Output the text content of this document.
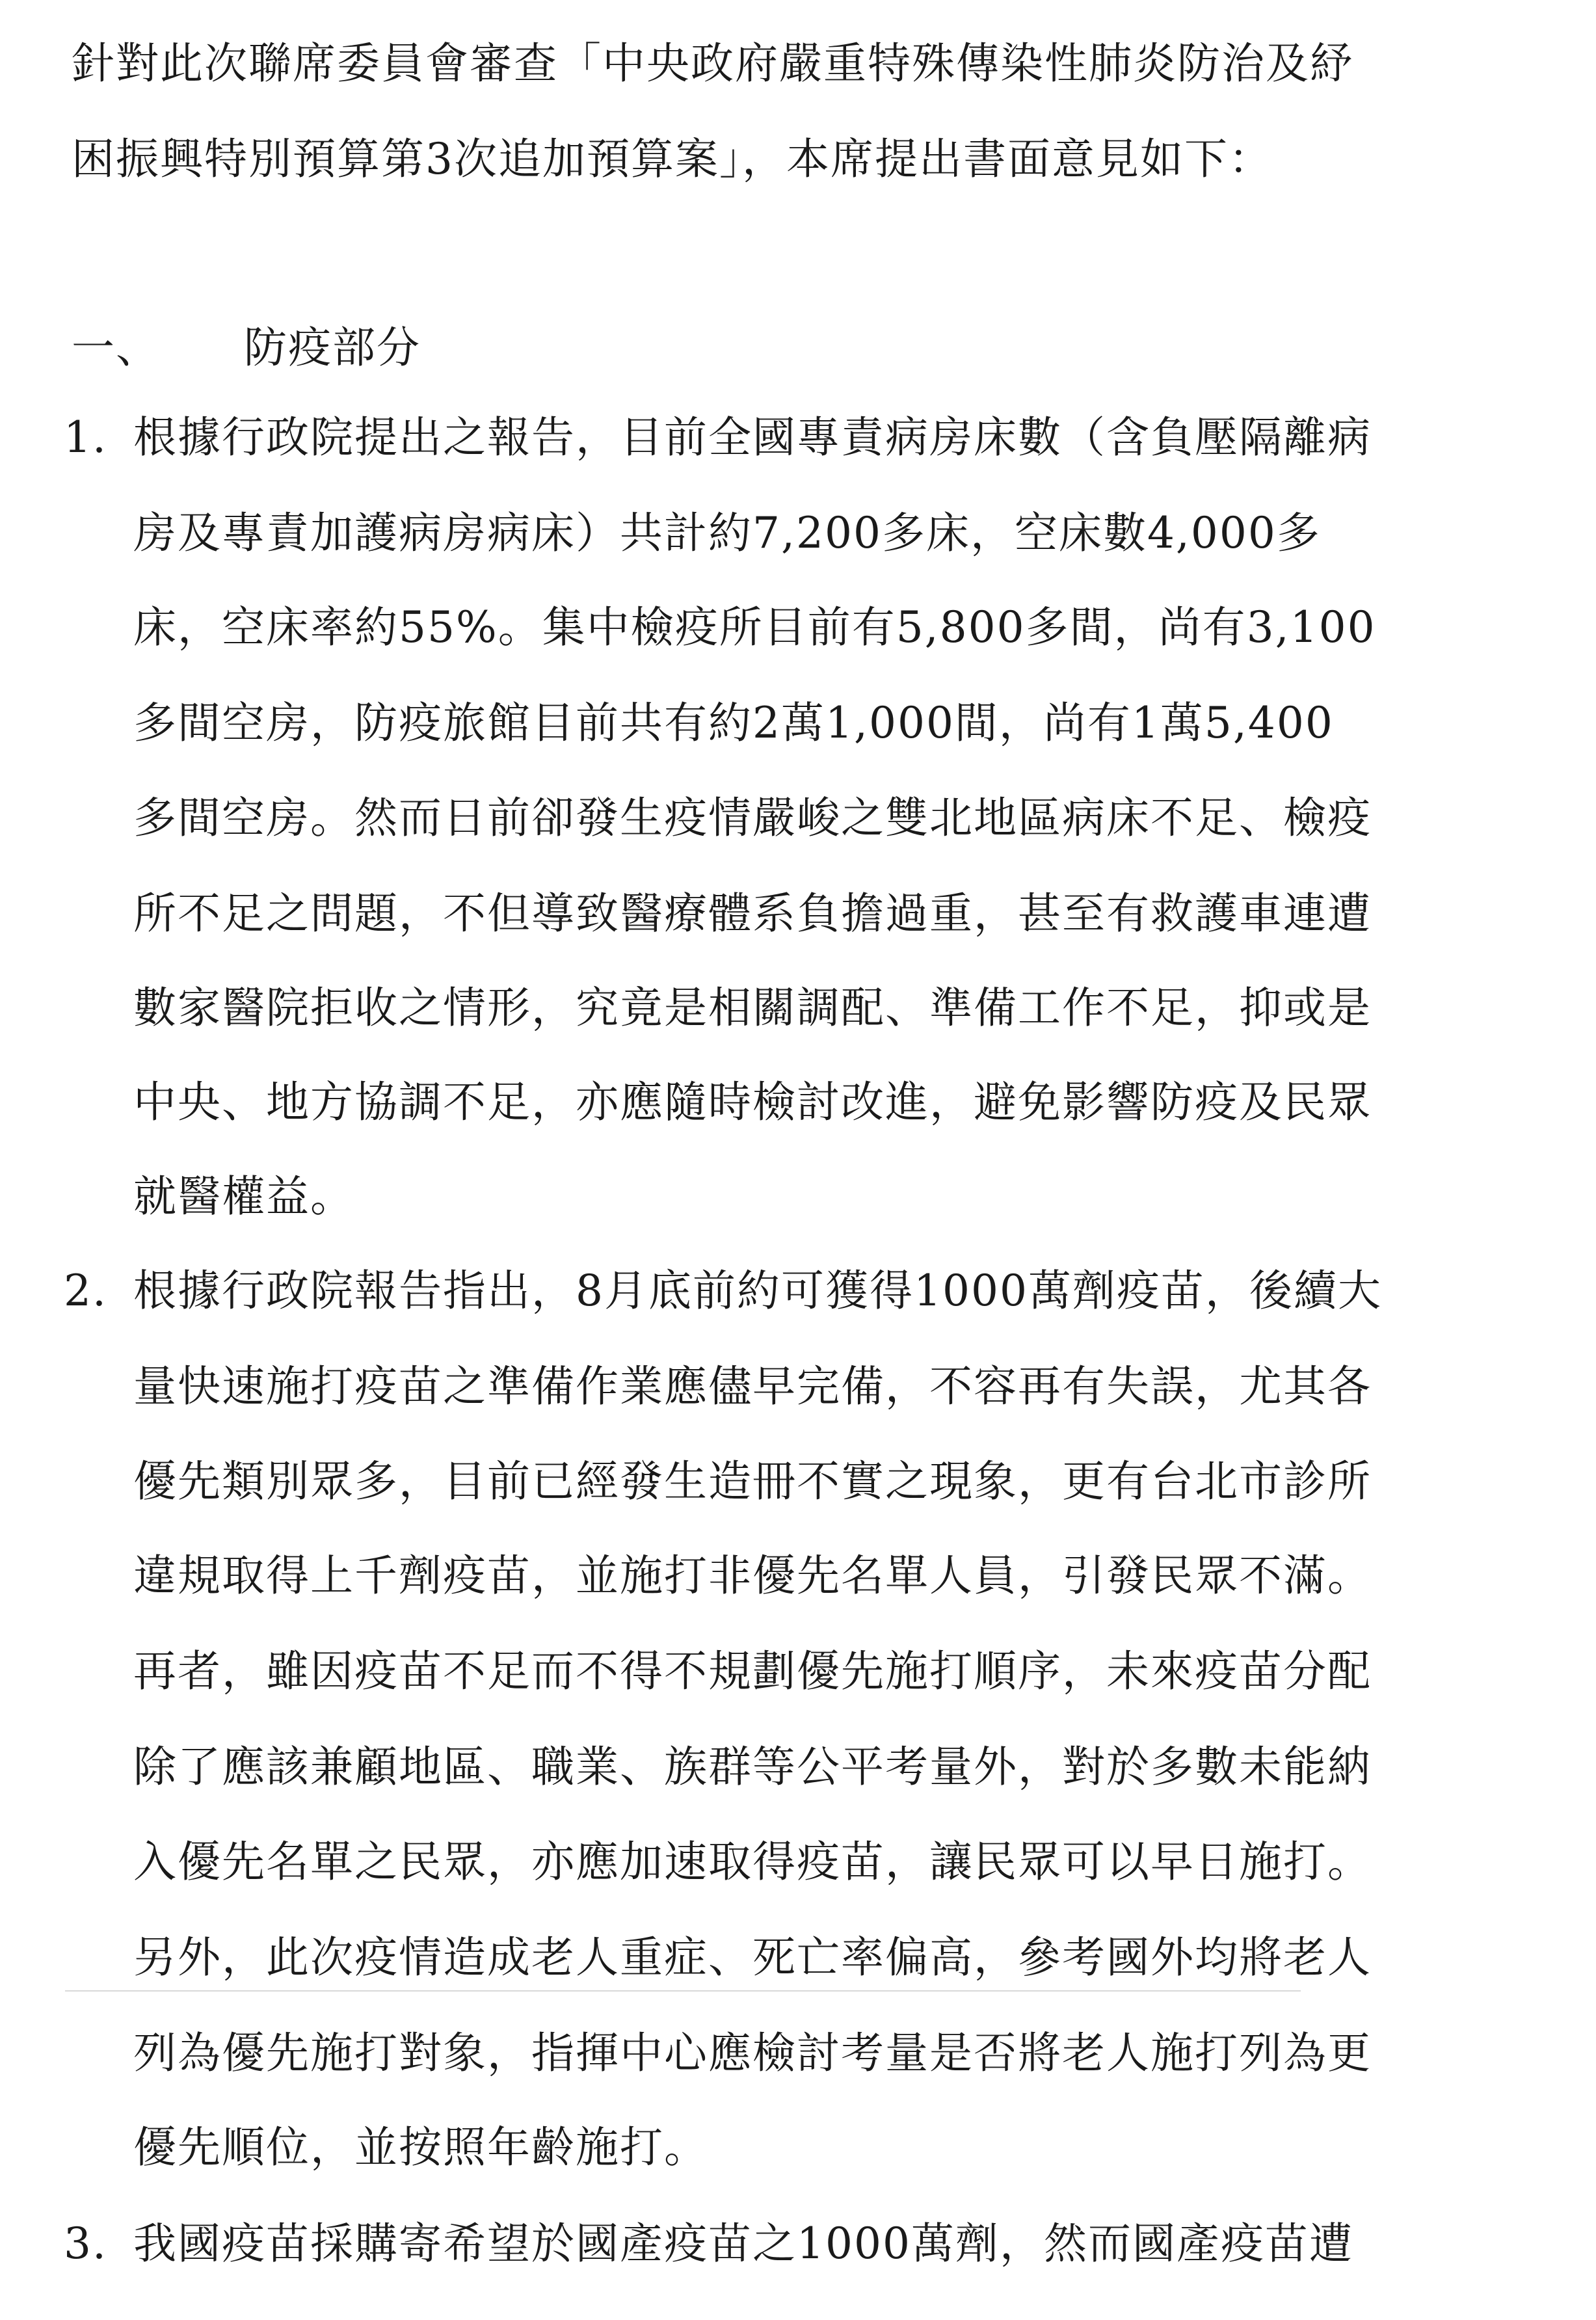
針對此次聯席委員會審查「中央政府嚴重特殊傳染性肺炎防治及紓
困振興特別預算第3次追加預算案」，本席提出書面意見如下：
一、 防疫部分
1. 根據行政院提出之報告，目前全國專責病房床數（含負壓隔離病
房及專責加護病房病床）共計約7,200多床，空床數4,000多
床，空床率約55%。集中檢疫所目前有5,800多間，尚有3,100
多間空房，防疫旅館目前共有約2萬1,000間，尚有1萬5,400
多間空房。然而日前卻發生疫情嚴峻之雙北地區病床不足、檢疫
所不足之問題，不但導致醫療體系負擔過重，甚至有救護車連遭
數家醫院拒收之情形，究竟是相關調配、準備工作不足，抑或是
中央、地方協調不足，亦應隨時檢討改進，避免影響防疫及民眾
就醫權益。
2. 根據行政院報告指出，8月底前約可獲得1000萬劑疫苗，後續大
量快速施打疫苗之準備作業應儘早完備，不容再有失誤，尤其各
優先類別眾多，目前已經發生造冊不實之現象，更有台北市診所
違規取得上千劑疫苗，並施打非優先名單人員，引發民眾不滿。
再者，雖因疫苗不足而不得不規劃優先施打順序，未來疫苗分配
除了應該兼顧地區、職業、族群等公平考量外，對於多數未能納
入優先名單之民眾，亦應加速取得疫苗，讓民眾可以早日施打。
另外，此次疫情造成老人重症、死亡率偏高，參考國外均將老人
列為優先施打對象，指揮中心應檢討考量是否將老人施打列為更
優先順位，並按照年齡施打。
3. 我國疫苗採購寄希望於國產疫苗之1000萬劑，然而國產疫苗遭
